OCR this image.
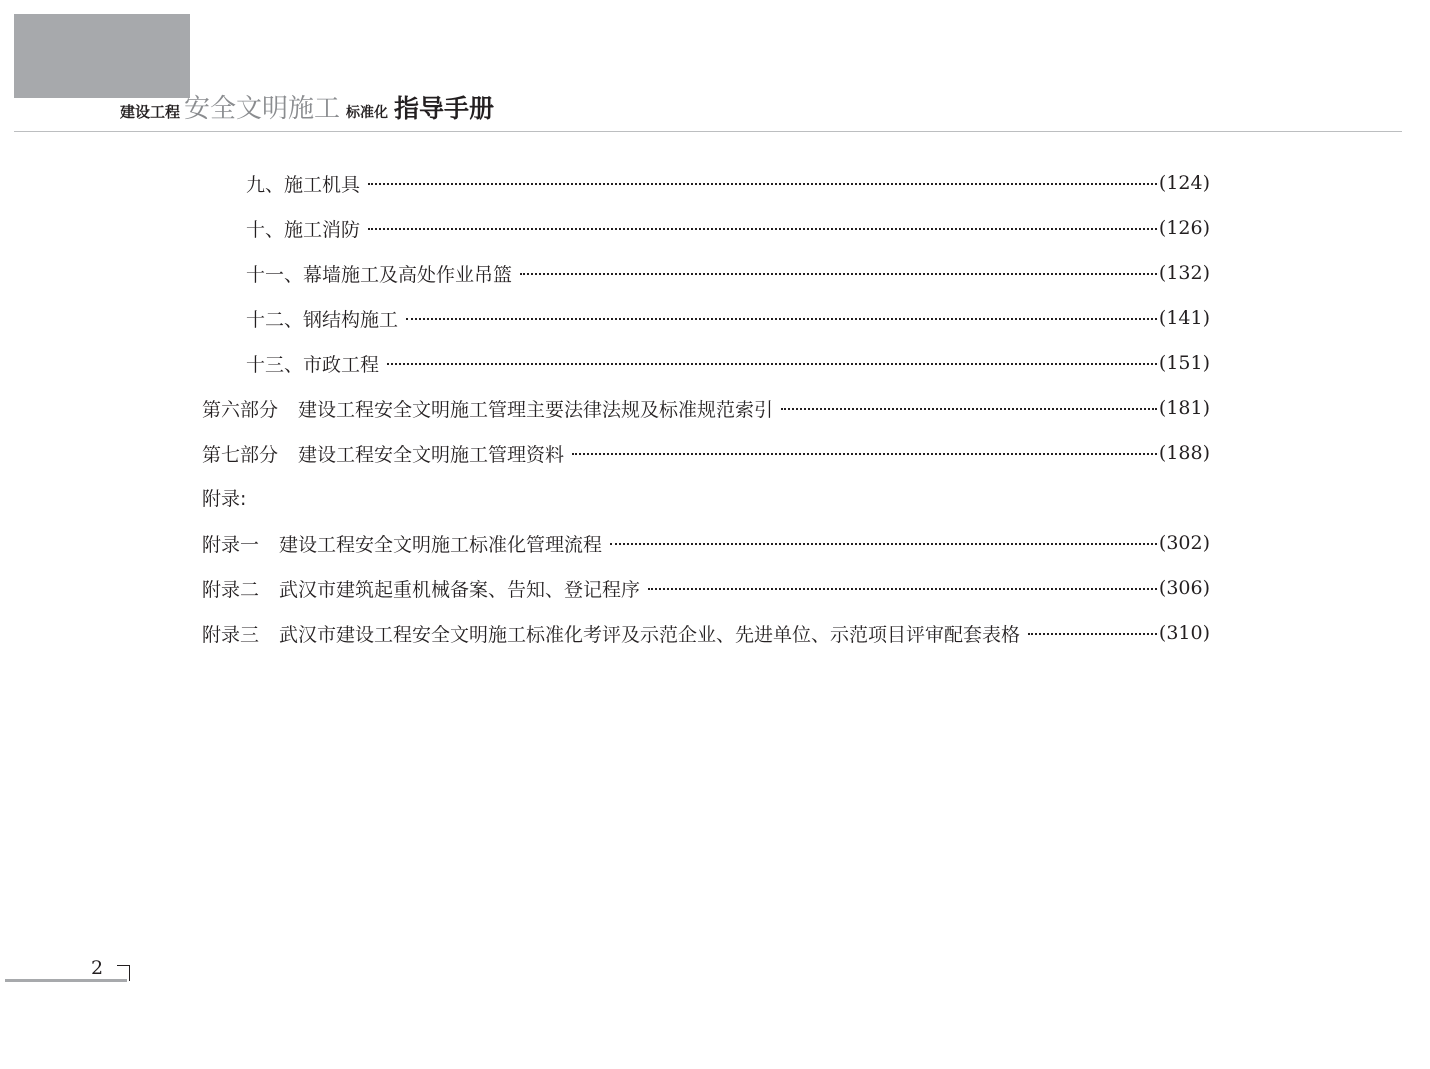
建设工程 安全文明施工 标准化 指导手册
九、施工机具	(124)
十、施工消防	(126)
十一、幕墙施工及高处作业吊篮	(132)
十二、钢结构施工	(141)
十三、市政工程	(151)
第六部分 建设工程安全文明施工管理主要法律法规及标准规范索引	(181)
第七部分 建设工程安全文明施工管理资料	(188)
附录:
附录一 建设工程安全文明施工标准化管理流程	(302)
附录二 武汉市建筑起重机械备案、告知、登记程序	(306)
附录三 武汉市建设工程安全文明施工标准化考评及示范企业、先进单位、示范项目评审配套表格	(310)
2
